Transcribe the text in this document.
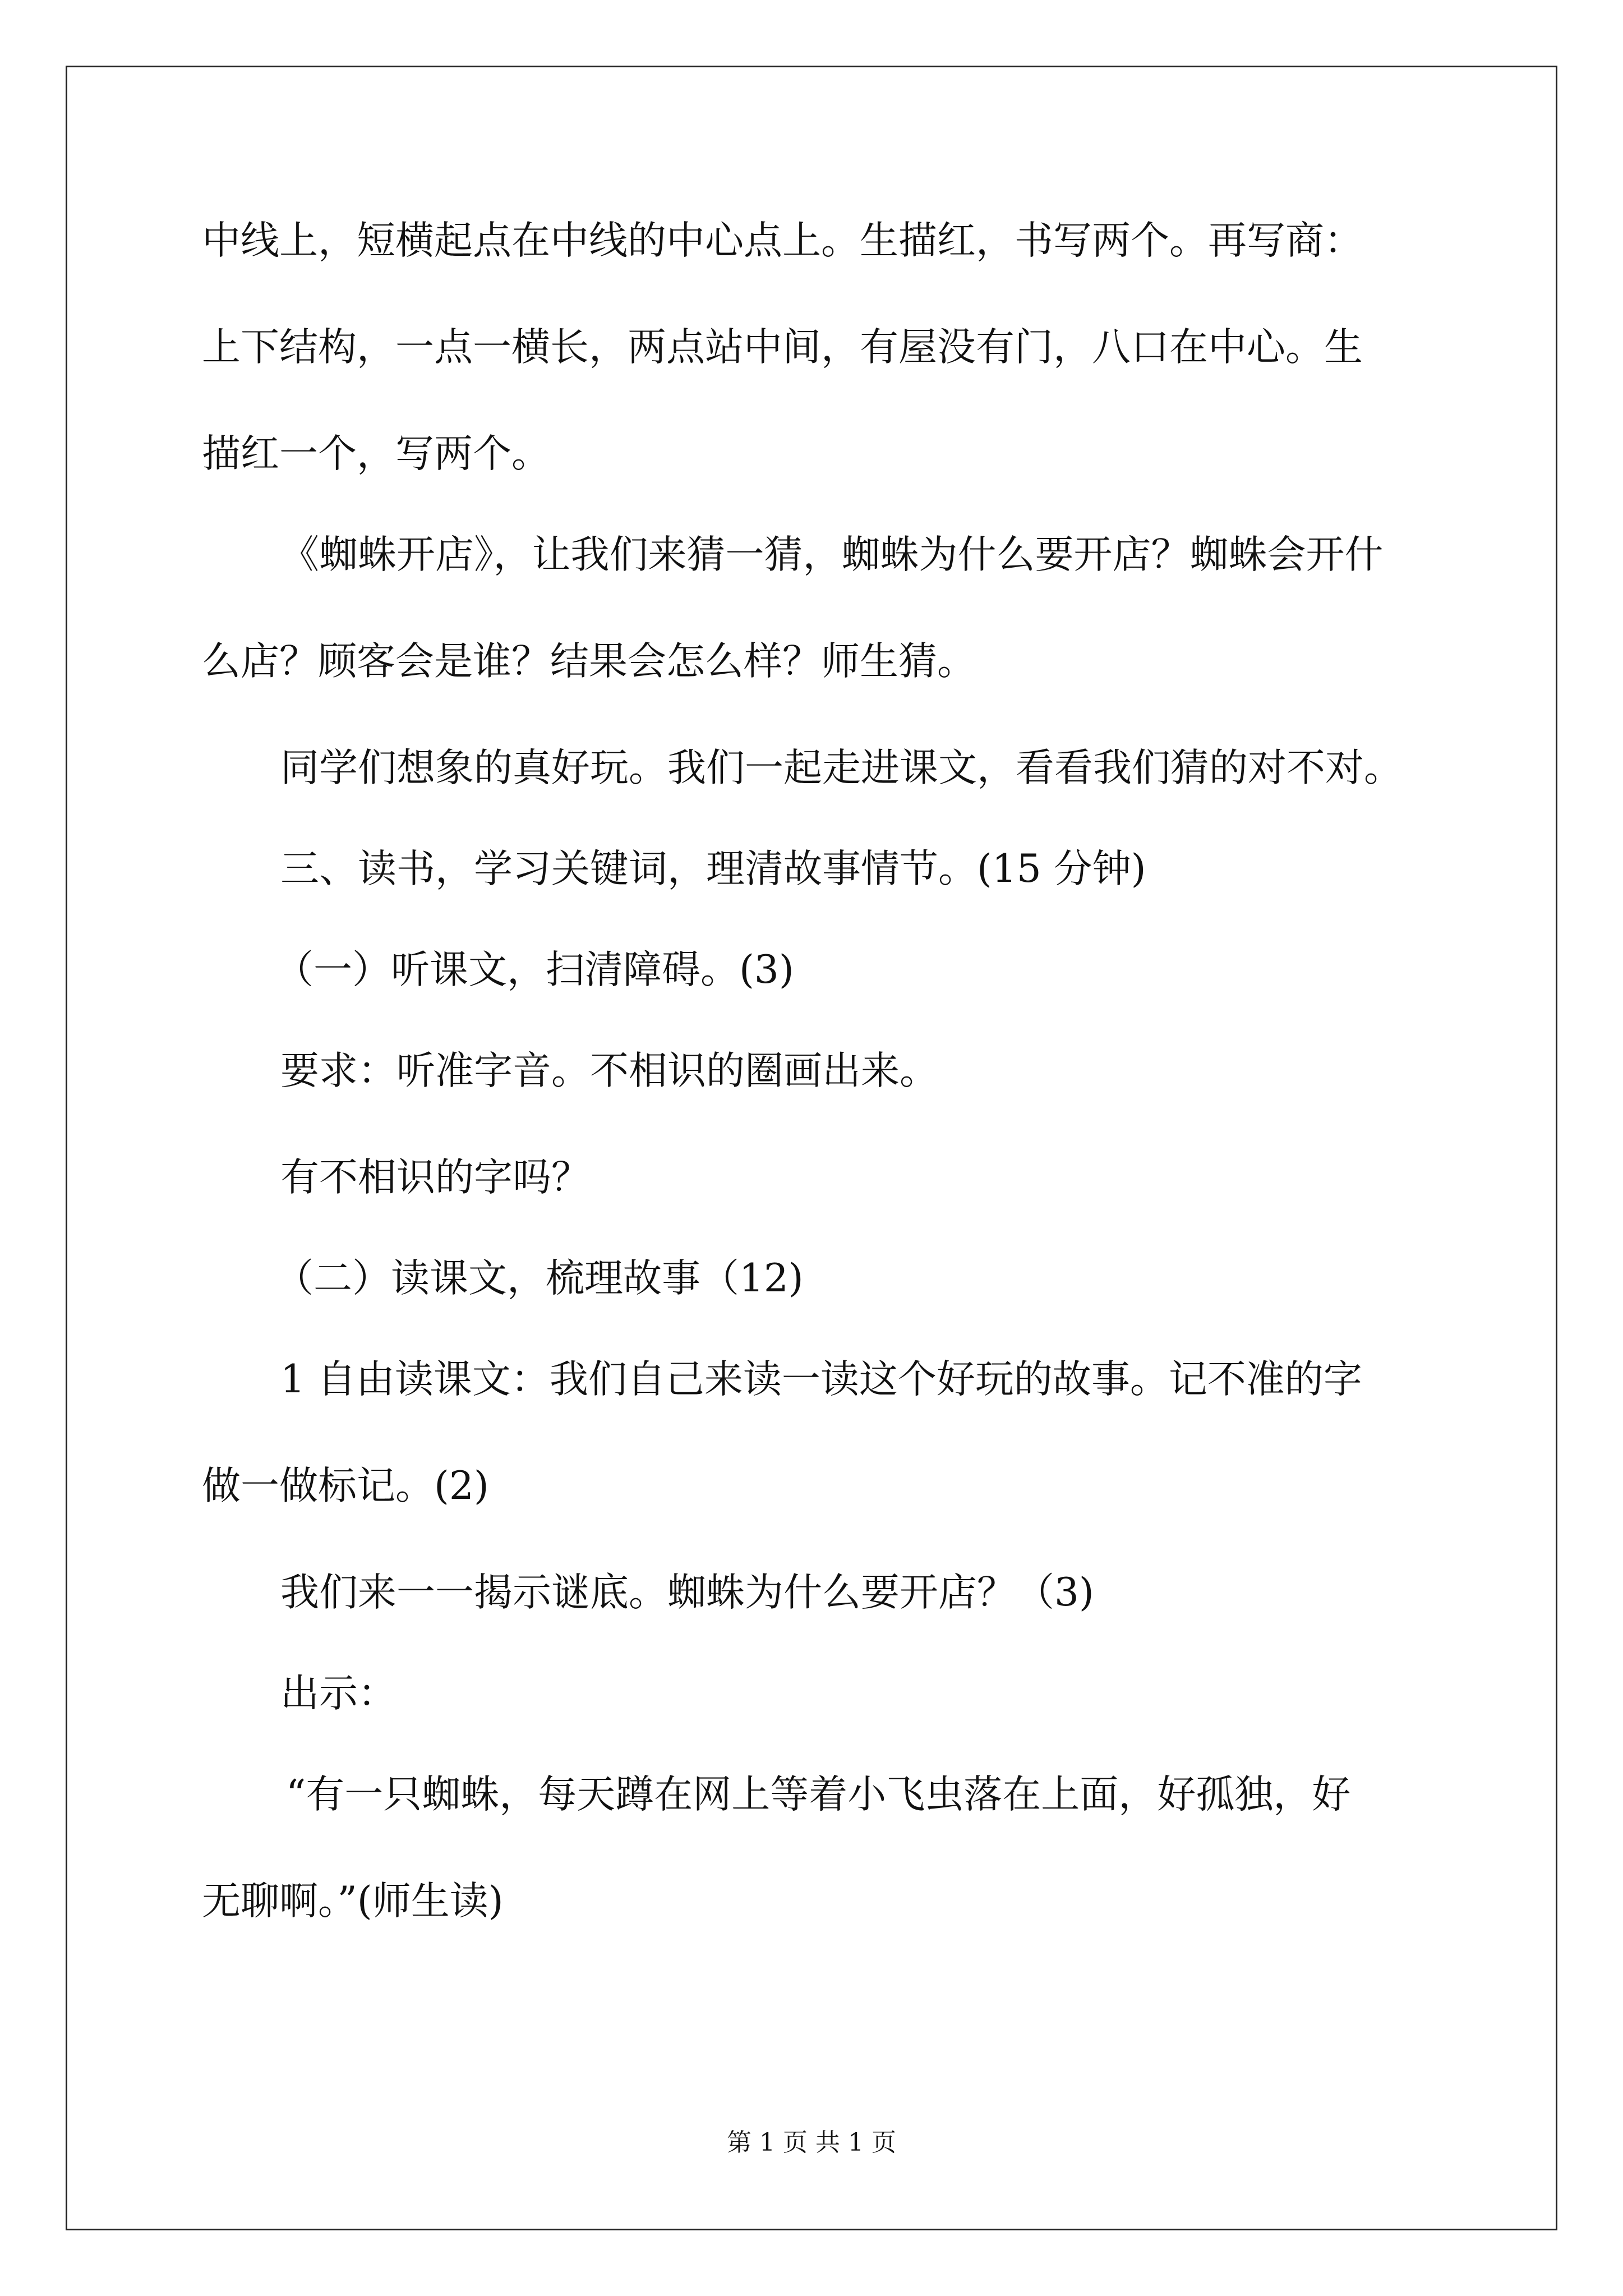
中线上，短横起点在中线的中心点上。生描红，书写两个。再写商：
上下结构，一点一横长，两点站中间，有屋没有门，八口在中心。生
描红一个，写两个。
《蜘蛛开店》，让我们来猜一猜，蜘蛛为什么要开店？蜘蛛会开什
么店？顾客会是谁？结果会怎么样？师生猜。
同学们想象的真好玩。我们一起走进课文，看看我们猜的对不对。
三、读书，学习关键词，理清故事情节。(15 分钟)
（一）听课文，扫清障碍。(3)
要求：听准字音。不相识的圈画出来。
有不相识的字吗？
（二）读课文，梳理故事（12)
1 自由读课文：我们自己来读一读这个好玩的故事。记不准的字
做一做标记。(2)
我们来一一揭示谜底。蜘蛛为什么要开店？（3)
出示：
“有一只蜘蛛，每天蹲在网上等着小飞虫落在上面，好孤独，好
无聊啊。”(师生读)
第 1 页 共 1 页
